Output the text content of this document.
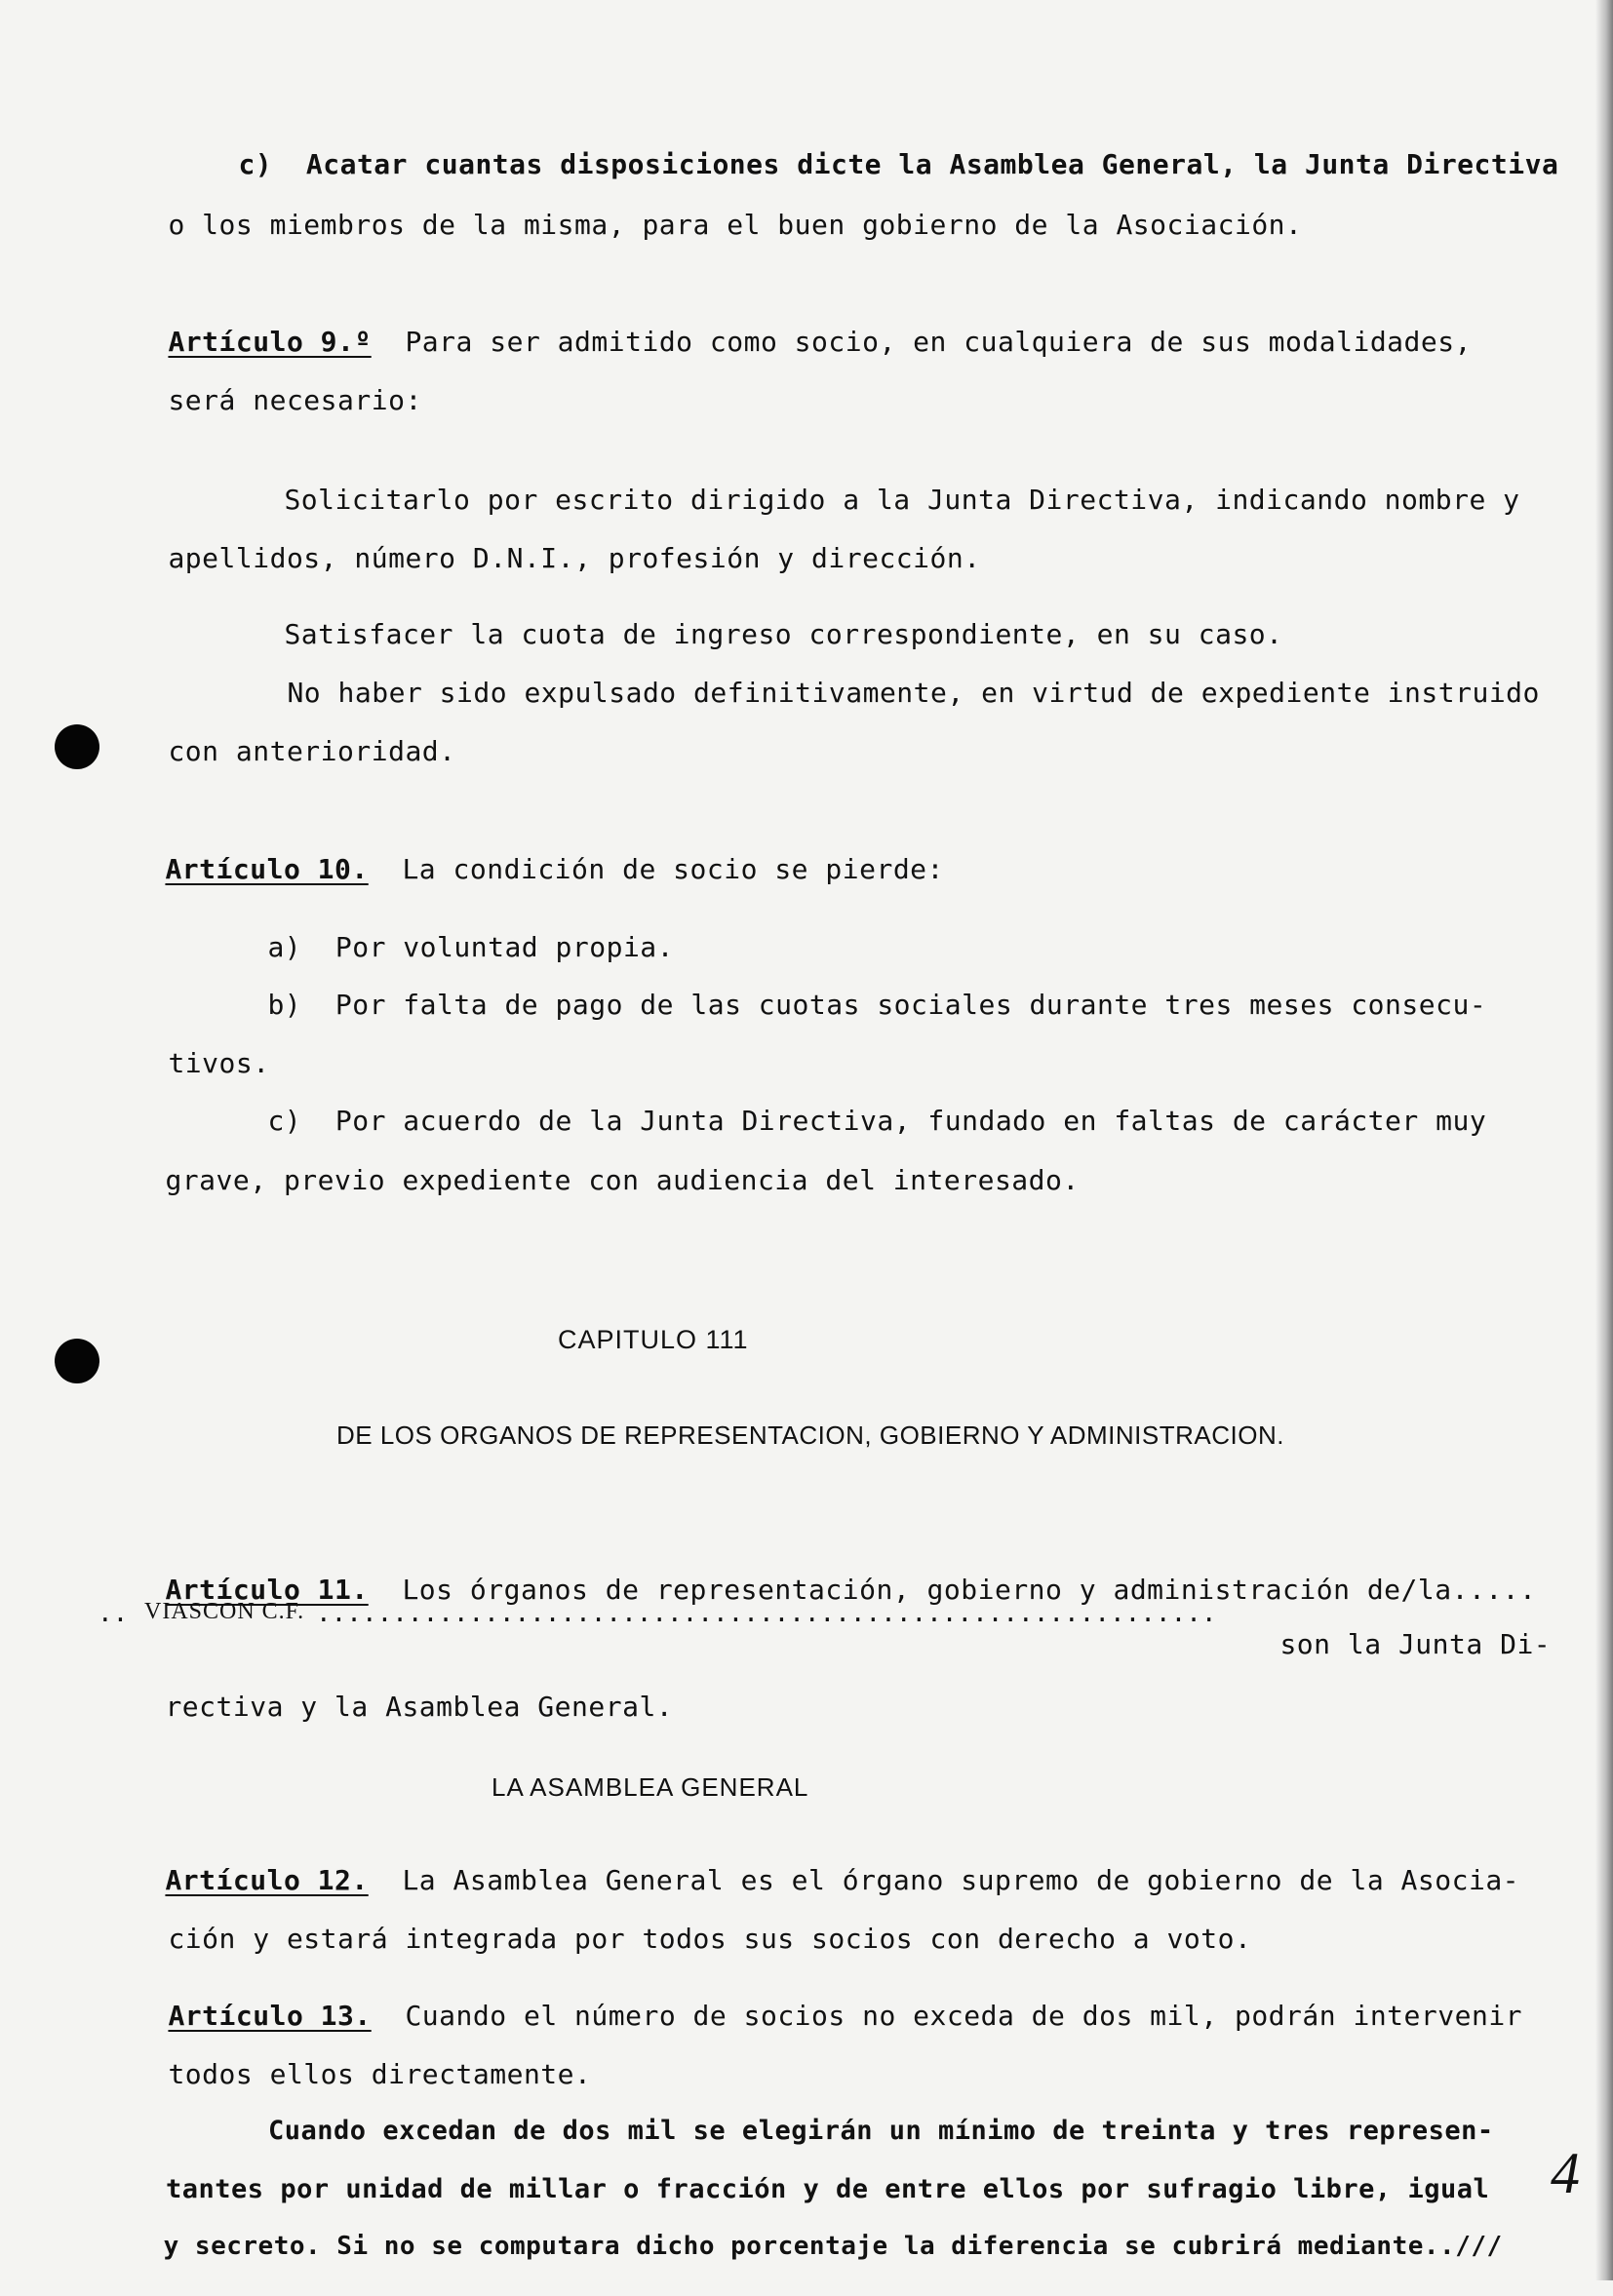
c) Acatar cuantas disposiciones dicte la Asamblea General, la Junta Directiva

o los miembros de la misma, para el buen gobierno de la Asociación.

Artículo 9.º Para ser admitido como socio, en cualquiera de sus modalidades,

será necesario:

Solicitarlo por escrito dirigido a la Junta Directiva, indicando nombre y

apellidos, número D.N.I., profesión y dirección.

Satisfacer la cuota de ingreso correspondiente, en su caso.

No haber sido expulsado definitivamente, en virtud de expediente instruido

con anterioridad.

Artículo 10. La condición de socio se pierde:

a) Por voluntad propia.

b) Por falta de pago de las cuotas sociales durante tres meses consecu-

tivos.

c) Por acuerdo de la Junta Directiva, fundado en faltas de carácter muy

grave, previo expediente con audiencia del interesado.

CAPITULO 111
DE LOS ORGANOS DE REPRESENTACION, GOBIERNO Y ADMINISTRACION.

Artículo 11. Los órganos de representación, gobierno y administración de/la.....

VIASCON C.F.
..	...........................................................

son la Junta Di-

rectiva y la Asamblea General.

LA ASAMBLEA GENERAL

Artículo 12. La Asamblea General es el órgano supremo de gobierno de la Asocia-

ción y estará integrada por todos sus socios con derecho a voto.

Artículo 13. Cuando el número de socios no exceda de dos mil, podrán intervenir

todos ellos directamente.

Cuando excedan de dos mil se elegirán un mínimo de treinta y tres represen-

tantes por unidad de millar o fracción y de entre ellos por sufragio libre, igual

y secreto. Si no se computara dicho porcentaje la diferencia se cubrirá mediante..///

4
